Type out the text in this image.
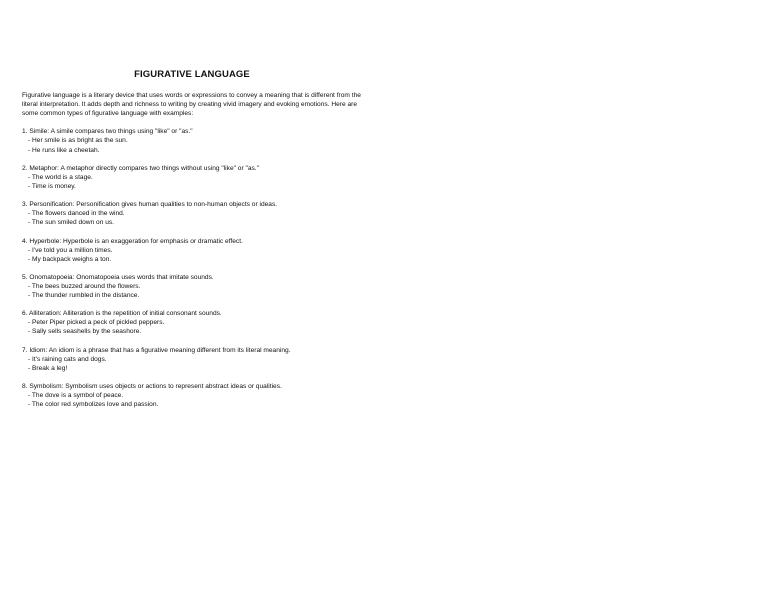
FIGURATIVE LANGUAGE

Figurative language is a literary device that uses words or expressions to convey a meaning that is different from the literal interpretation. It adds depth and richness to writing by creating vivid imagery and evoking emotions. Here are some common types of figurative language with examples:

1. Simile: A simile compares two things using "like" or "as."

- Her smile is as bright as the sun.

- He runs like a cheetah.

2. Metaphor: A metaphor directly compares two things without using "like" or "as."

- The world is a stage.

- Time is money.

3. Personification: Personification gives human qualities to non-human objects or ideas.

- The flowers danced in the wind.

- The sun smiled down on us.

4. Hyperbole: Hyperbole is an exaggeration for emphasis or dramatic effect.

- I've told you a million times.

- My backpack weighs a ton.

5. Onomatopoeia: Onomatopoeia uses words that imitate sounds.

- The bees buzzed around the flowers.

- The thunder rumbled in the distance.

6. Alliteration: Alliteration is the repetition of initial consonant sounds.

- Peter Piper picked a peck of pickled peppers.

- Sally sells seashells by the seashore.

7. Idiom: An idiom is a phrase that has a figurative meaning different from its literal meaning.

- It's raining cats and dogs.

- Break a leg!

8. Symbolism: Symbolism uses objects or actions to represent abstract ideas or qualities.

- The dove is a symbol of peace.

- The color red symbolizes love and passion.
